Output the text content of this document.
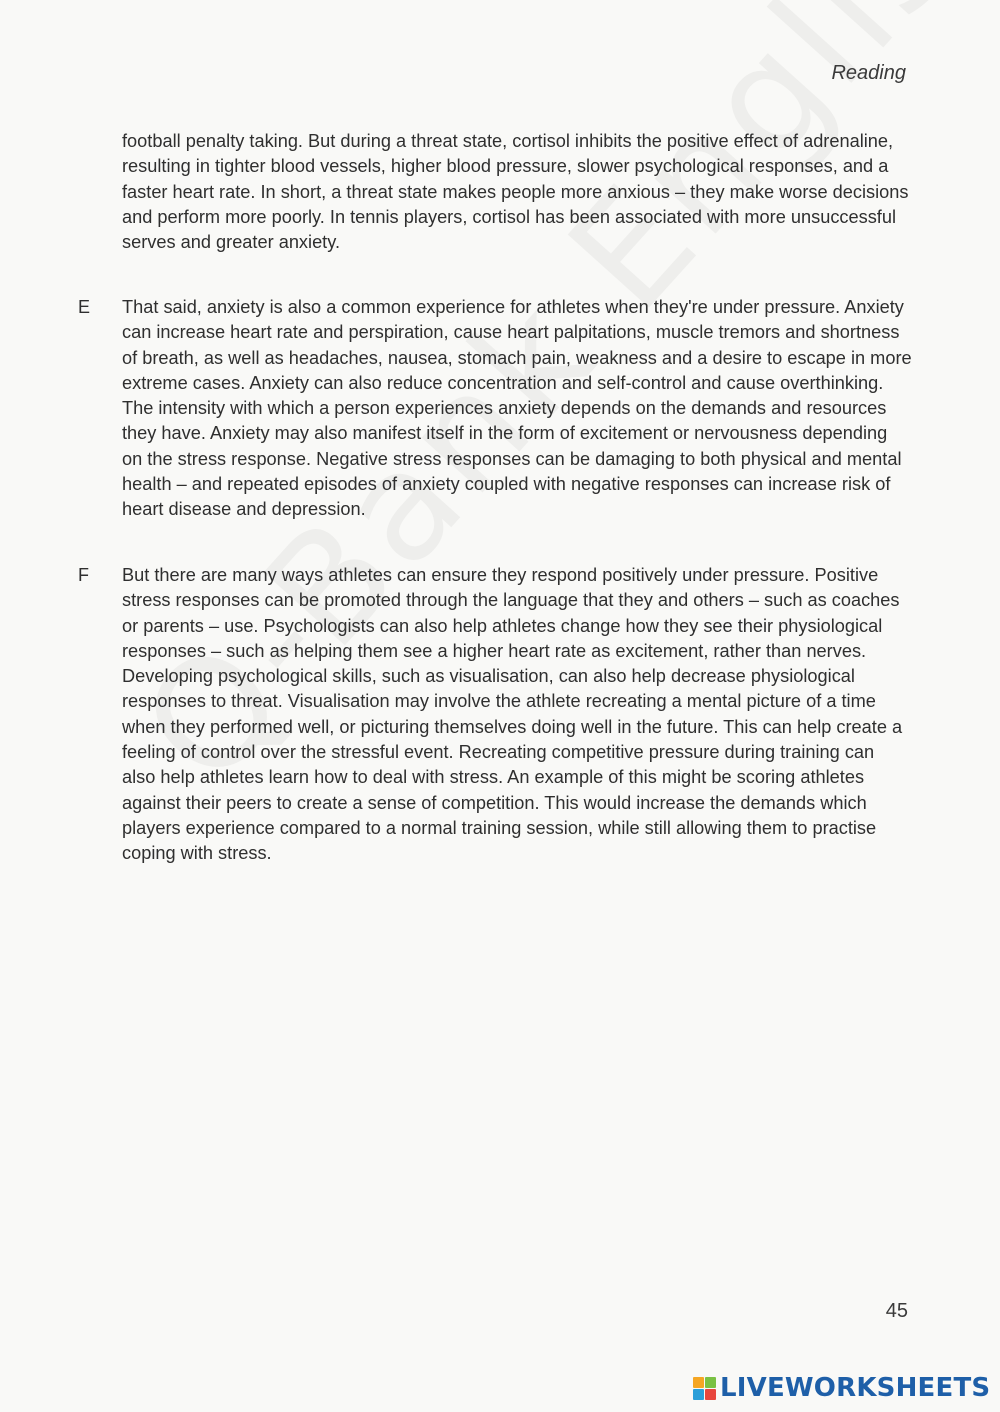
Reading

football penalty taking. But during a threat state, cortisol inhibits the positive effect of adrenaline, resulting in tighter blood vessels, higher blood pressure, slower psychological responses, and a faster heart rate. In short, a threat state makes people more anxious – they make worse decisions and perform more poorly. In tennis players, cortisol has been associated with more unsuccessful serves and greater anxiety.

E That said, anxiety is also a common experience for athletes when they're under pressure. Anxiety can increase heart rate and perspiration, cause heart palpitations, muscle tremors and shortness of breath, as well as headaches, nausea, stomach pain, weakness and a desire to escape in more extreme cases. Anxiety can also reduce concentration and self-control and cause overthinking. The intensity with which a person experiences anxiety depends on the demands and resources they have. Anxiety may also manifest itself in the form of excitement or nervousness depending on the stress response. Negative stress responses can be damaging to both physical and mental health – and repeated episodes of anxiety coupled with negative responses can increase risk of heart disease and depression.

F But there are many ways athletes can ensure they respond positively under pressure. Positive stress responses can be promoted through the language that they and others – such as coaches or parents – use. Psychologists can also help athletes change how they see their physiological responses – such as helping them see a higher heart rate as excitement, rather than nerves. Developing psychological skills, such as visualisation, can also help decrease physiological responses to threat. Visualisation may involve the athlete recreating a mental picture of a time when they performed well, or picturing themselves doing well in the future. This can help create a feeling of control over the stressful event. Recreating competitive pressure during training can also help athletes learn how to deal with stress. An example of this might be scoring athletes against their peers to create a sense of competition. This would increase the demands which players experience compared to a normal training session, while still allowing them to practise coping with stress.

45
LIVEWORKSHEETS
